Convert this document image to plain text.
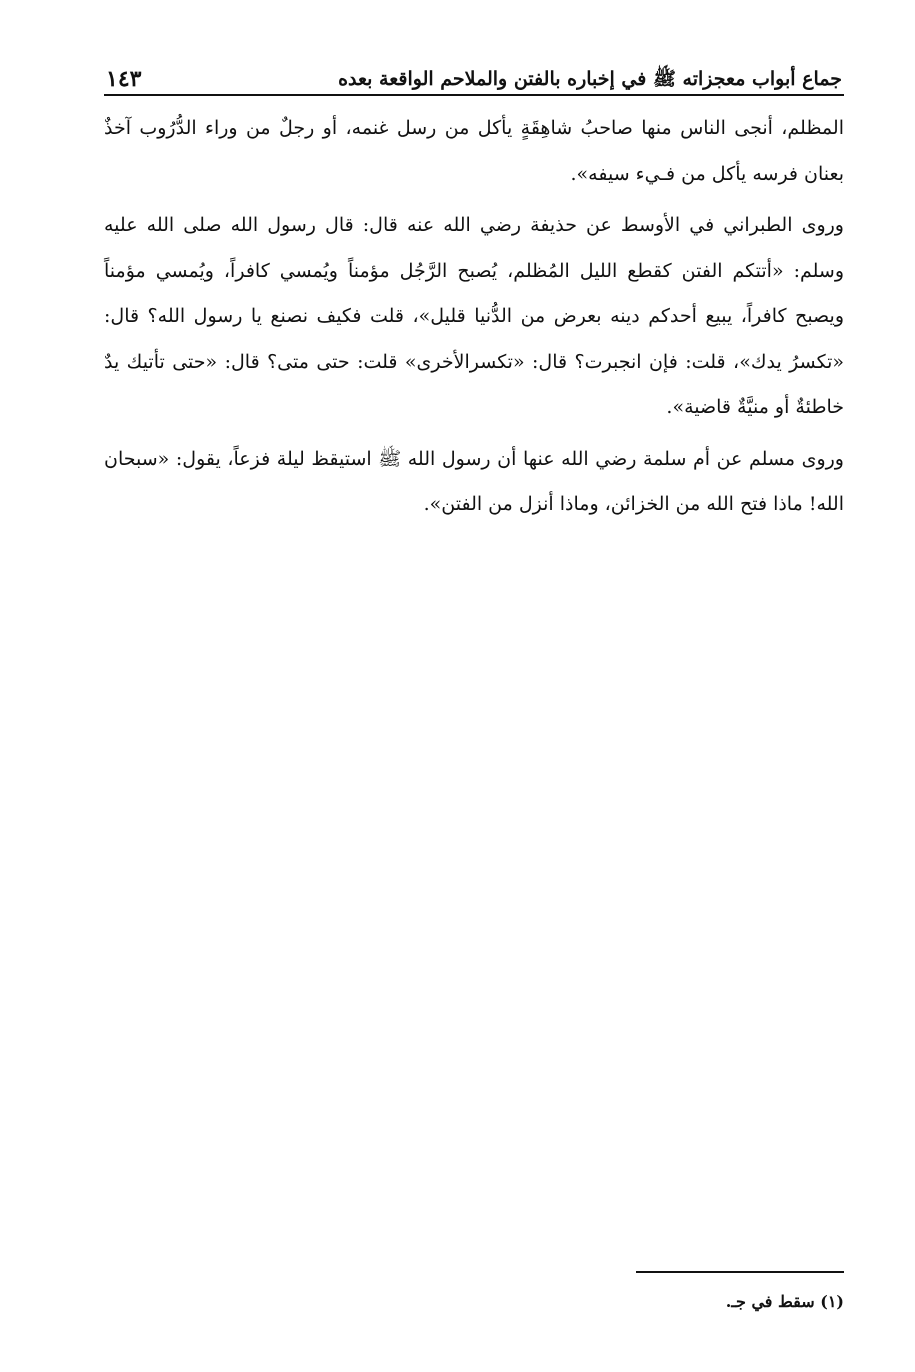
جماع أبواب معجزاته ﷺ في إخباره بالفتن والملاحم الواقعة بعده
١٤٣

المظلم، أنجى الناس منها صاحبُ شاهِقَةٍ يأكل من رسل غنمه، أو رجلٌ من وراء الدُّرُوب آخذٌ بعنان فرسه يأكل من فـيء سيفه».

وروى الطبراني في الأوسط عن حذيفة رضي الله عنه قال: قال رسول الله صلى الله عليه وسلم: «أتتكم الفتن كقطع الليل المُظلم، يُصبح الرَّجُل مؤمناً ويُمسي كافراً، ويُمسي مؤمناً ويصبح كافراً، يبيع أحدكم دينه بعرض من الدُّنيا قليل»، قلت فكيف نصنع يا رسول الله؟ قال: «تكسرُ يدك»، قلت: فإن انجبرت؟ قال: «تكسرالأخرى» قلت: حتى متى؟ قال: «حتى تأتيك يدٌ خاطئةٌ أو منيَّةٌ قاضية».

وروى مسلم عن أم سلمة رضي الله عنها أن رسول الله ﷺ استيقظ ليلة فزعاً، يقول: «سبحان الله! ماذا فتح الله من الخزائن، وماذا أنزل من الفتن».

(١) سقط في جـ.
